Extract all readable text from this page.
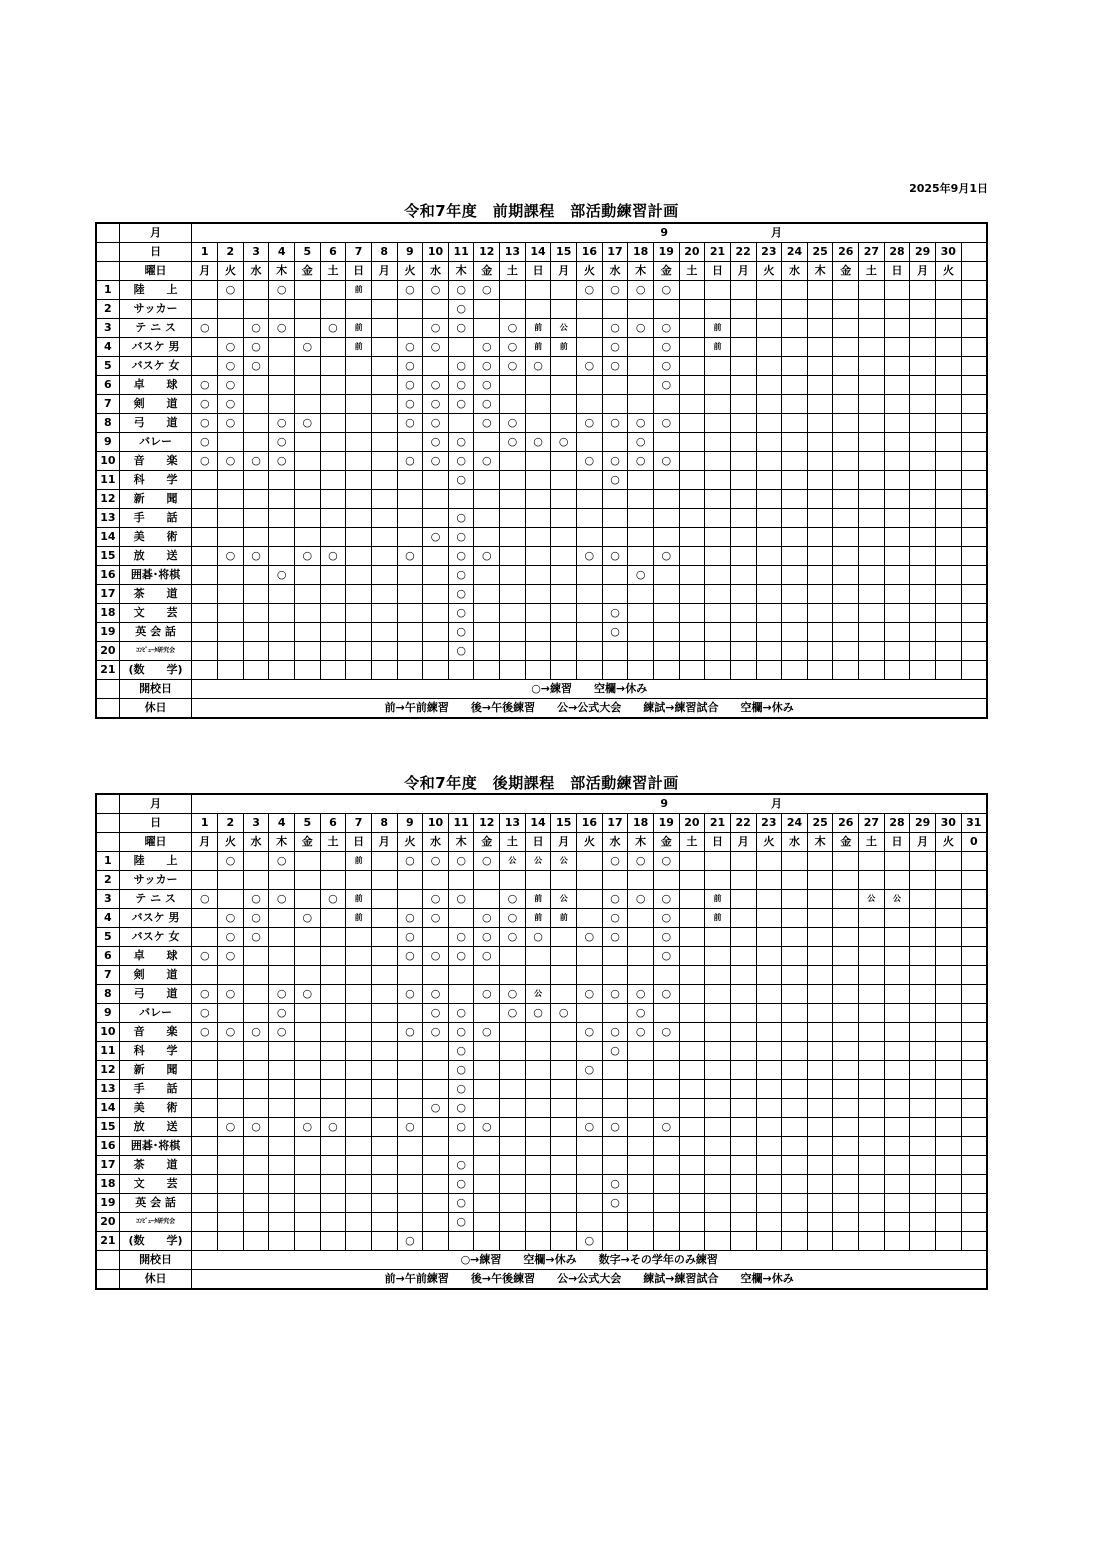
2025年9月1日
令和7年度　前期課程　部活動練習計画
	月	9 月																														
	日	1	2	3	4	5	6	7	8	9	10	11	12	13	14	15	16	17	18	19	20	21	22	23	24	25	26	27	28	29	30	
	曜日	月	火	水	木	金	土	日	月	火	水	木	金	土	日	月	火	水	木	金	土	日	月	火	水	木	金	土	日	月	火	
1	陸　　上		○		○			前		○	○	○	○				○	○	○	○												
2	サッカー											○																				
3	テ ニ ス	○		○	○		○	前			○	○		○	前	公		○	○	○		前										
4	バスケ 男		○	○		○		前		○	○		○	○	前	前		○		○		前										
5	バスケ 女		○	○						○		○	○	○	○		○	○		○												
6	卓　　球	○	○							○	○	○	○							○												
7	剣　　道	○	○							○	○	○	○																			
8	弓　　道	○	○		○	○				○	○		○	○			○	○	○	○												
9	バレー	○			○						○	○		○	○	○			○													
10	音　　楽	○	○	○	○					○	○	○	○				○	○	○	○												
11	科　　学											○						○														
12	新　　聞																															
13	手　　話											○																				
14	美　　術										○	○																				
15	放　　送		○	○		○	○			○		○	○				○	○		○												
16	囲碁･将棋				○							○							○													
17	茶　　道											○																				
18	文　　芸											○						○														
19	英 会 話											○						○														
20	ｺﾝﾋﾟｭｰﾀ研究会											○																				
21	(数　　学)																															
	開校日	○→練習　　空欄→休み																														
	休日	前→午前練習　　後→午後練習　　公→公式大会　　練試→練習試合　　空欄→休み																														
令和7年度　後期課程　部活動練習計画
	月	9 月																														
	日	1	2	3	4	5	6	7	8	9	10	11	12	13	14	15	16	17	18	19	20	21	22	23	24	25	26	27	28	29	30	31
	曜日	月	火	水	木	金	土	日	月	火	水	木	金	土	日	月	火	水	木	金	土	日	月	火	水	木	金	土	日	月	火	0
1	陸　　上		○		○			前		○	○	○	○	公	公	公		○	○	○												
2	サッカー																															
3	テ ニ ス	○		○	○		○	前			○	○		○	前	公		○	○	○		前						公	公			
4	バスケ 男		○	○		○		前		○	○		○	○	前	前		○		○		前										
5	バスケ 女		○	○						○		○	○	○	○		○	○		○												
6	卓　　球	○	○							○	○	○	○							○												
7	剣　　道																															
8	弓　　道	○	○		○	○				○	○		○	○	公		○	○	○	○												
9	バレー	○			○						○	○		○	○	○			○													
10	音　　楽	○	○	○	○					○	○	○	○				○	○	○	○												
11	科　　学											○						○														
12	新　　聞											○					○															
13	手　　話											○																				
14	美　　術										○	○																				
15	放　　送		○	○		○	○			○		○	○				○	○		○												
16	囲碁･将棋																															
17	茶　　道											○																				
18	文　　芸											○						○														
19	英 会 話											○						○														
20	ｺﾝﾋﾟｭｰﾀ研究会											○																				
21	(数　　学)									○							○															
	開校日	○→練習　　空欄→休み　　数字→その学年のみ練習																														
	休日	前→午前練習　　後→午後練習　　公→公式大会　　練試→練習試合　　空欄→休み																														
